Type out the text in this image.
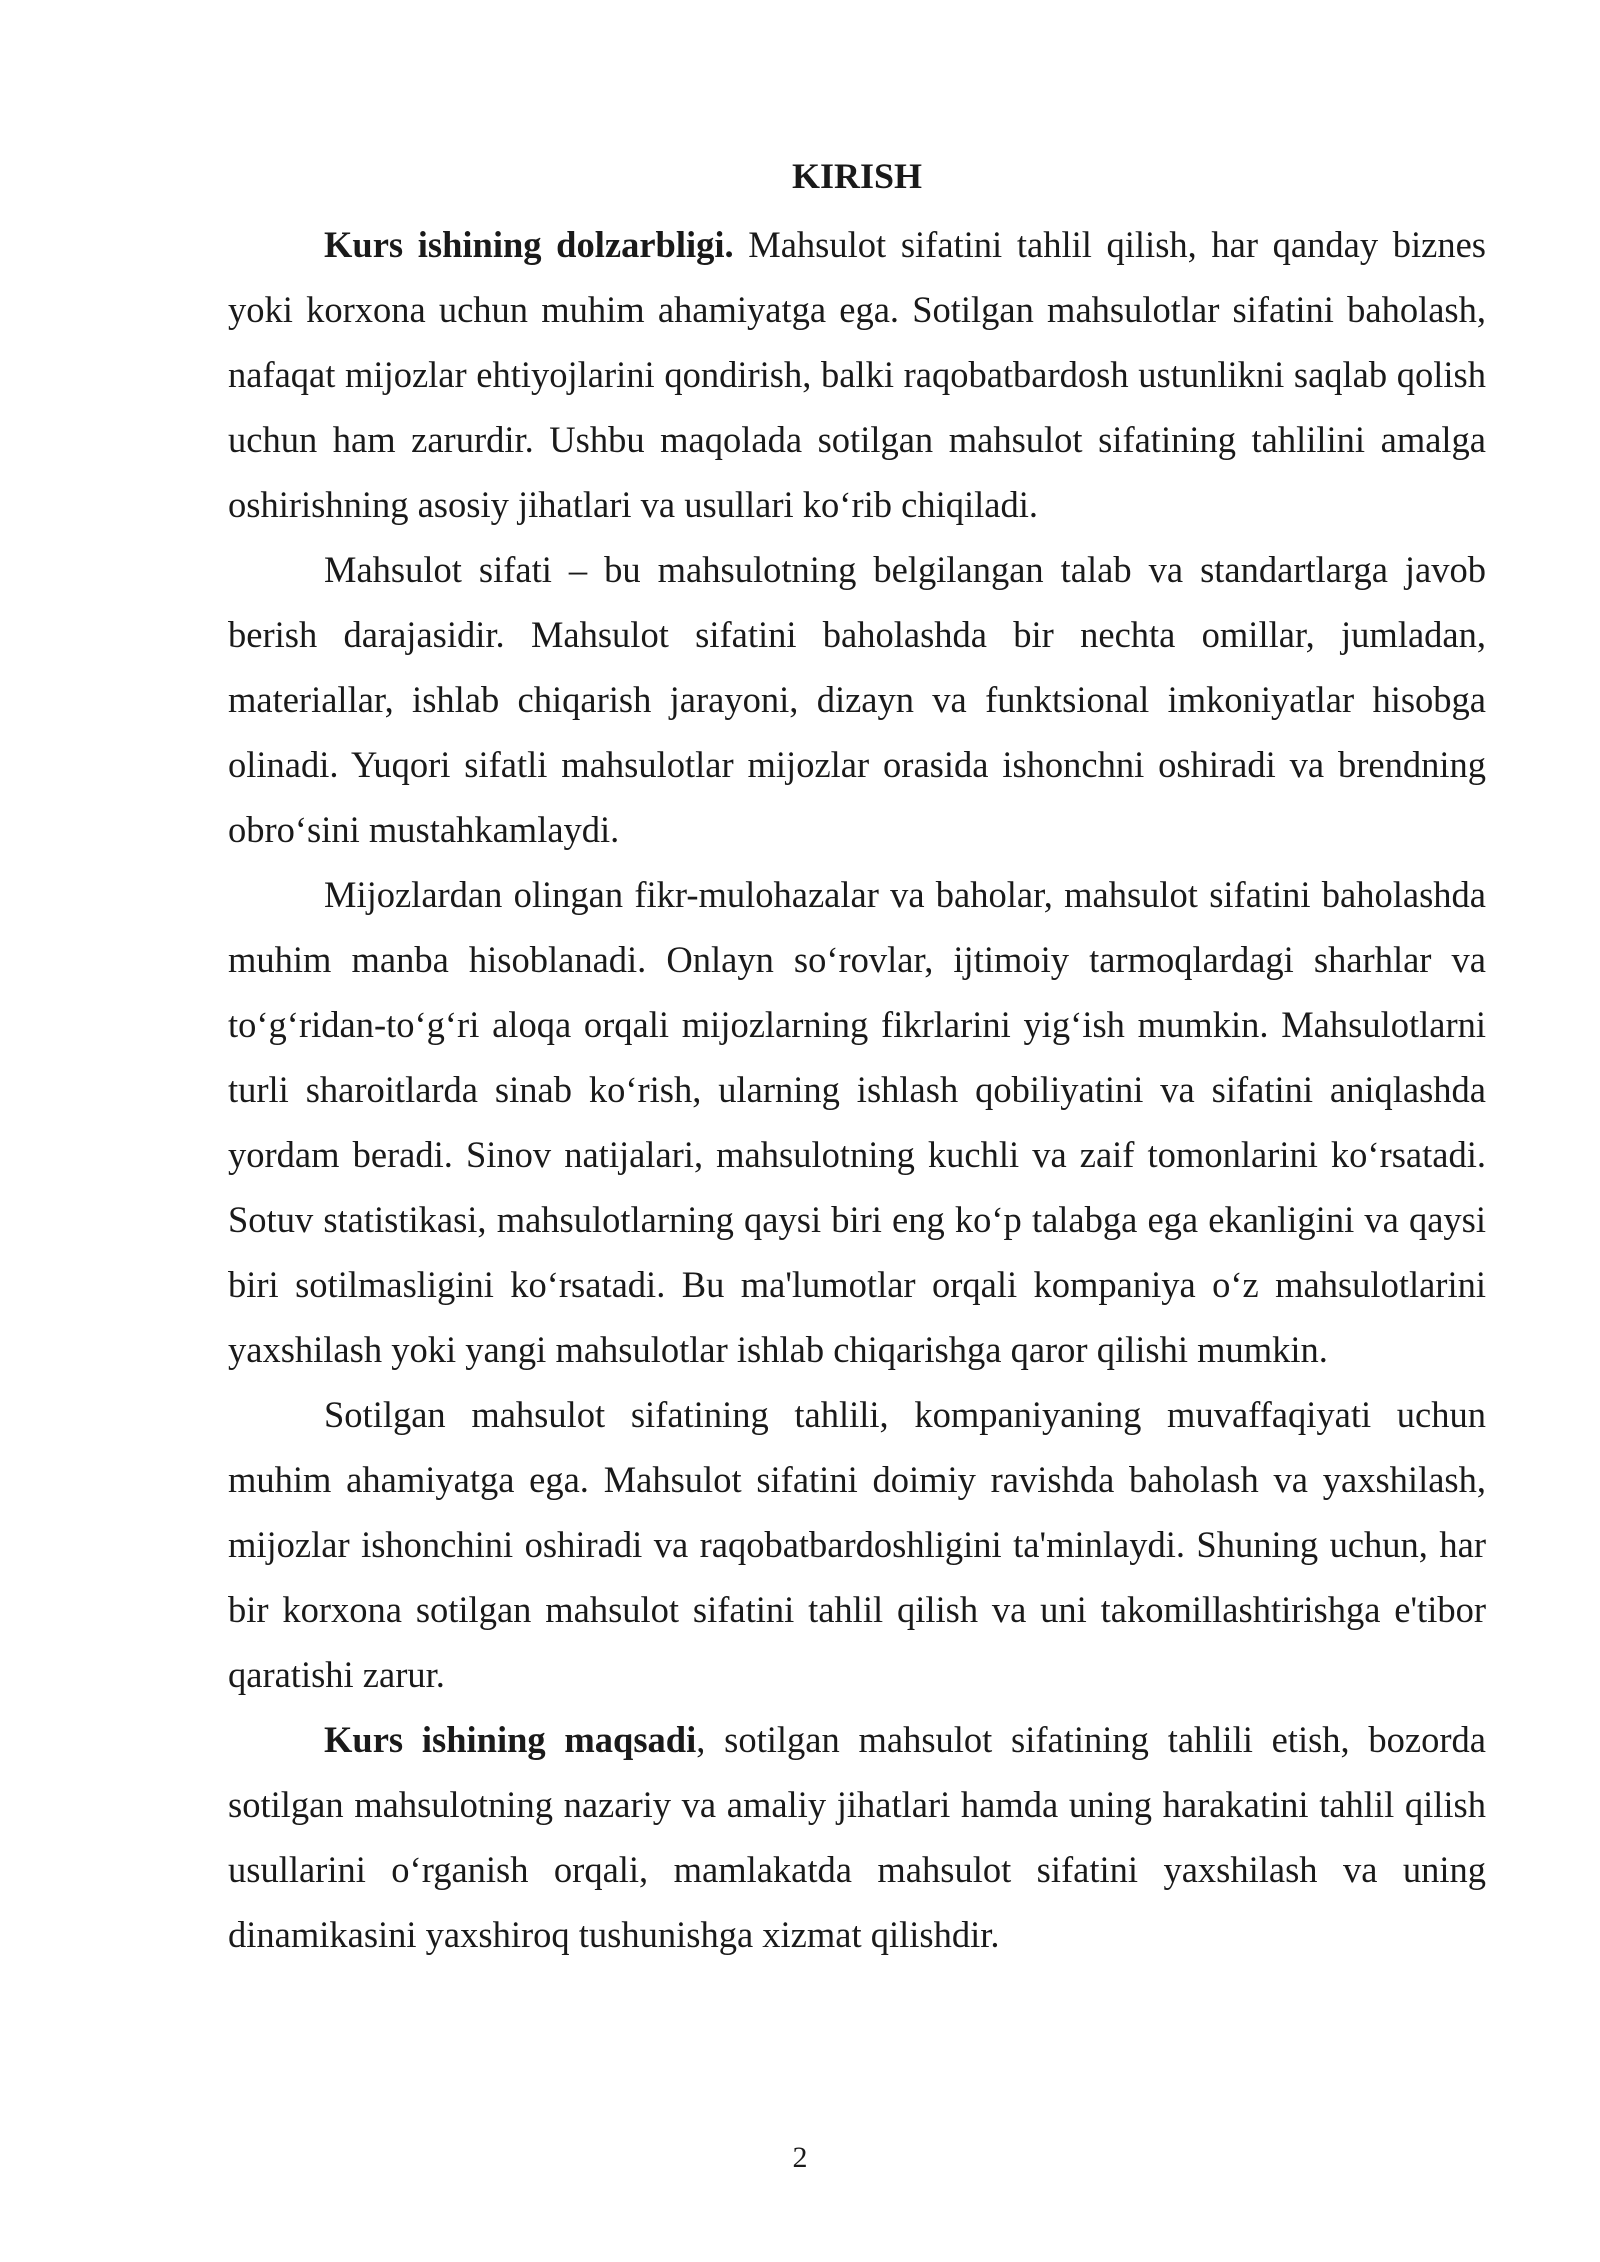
KIRISH

Kurs ishining dolzarbligi. Mahsulot sifatini tahlil qilish, har qanday biznes yoki korxona uchun muhim ahamiyatga ega. Sotilgan mahsulotlar sifatini baholash, nafaqat mijozlar ehtiyojlarini qondirish, balki raqobatbardosh ustunlikni saqlab qolish uchun ham zarurdir. Ushbu maqolada sotilgan mahsulot sifatining tahlilini amalga oshirishning asosiy jihatlari va usullari ko‘rib chiqiladi.

Mahsulot sifati – bu mahsulotning belgilangan talab va standartlarga javob berish darajasidir. Mahsulot sifatini baholashda bir nechta omillar, jumladan, materiallar, ishlab chiqarish jarayoni, dizayn va funktsional imkoniyatlar hisobga olinadi. Yuqori sifatli mahsulotlar mijozlar orasida ishonchni oshiradi va brendning obro‘sini mustahkamlaydi.

Mijozlardan olingan fikr-mulohazalar va baholar, mahsulot sifatini baholashda muhim manba hisoblanadi. Onlayn so‘rovlar, ijtimoiy tarmoqlardagi sharhlar va to‘g‘ridan-to‘g‘ri aloqa orqali mijozlarning fikrlarini yig‘ish mumkin. Mahsulotlarni turli sharoitlarda sinab ko‘rish, ularning ishlash qobiliyatini va sifatini aniqlashda yordam beradi. Sinov natijalari, mahsulotning kuchli va zaif tomonlarini ko‘rsatadi. Sotuv statistikasi, mahsulotlarning qaysi biri eng ko‘p talabga ega ekanligini va qaysi biri sotilmasligini ko‘rsatadi. Bu ma'lumotlar orqali kompaniya o‘z mahsulotlarini yaxshilash yoki yangi mahsulotlar ishlab chiqarishga qaror qilishi mumkin.

Sotilgan mahsulot sifatining tahlili, kompaniyaning muvaffaqiyati uchun muhim ahamiyatga ega. Mahsulot sifatini doimiy ravishda baholash va yaxshilash, mijozlar ishonchini oshiradi va raqobatbardoshligini ta'minlaydi. Shuning uchun, har bir korxona sotilgan mahsulot sifatini tahlil qilish va uni takomillashtirishga e'tibor qaratishi zarur.

Kurs ishining maqsadi, sotilgan mahsulot sifatining tahlili etish, bozorda sotilgan mahsulotning nazariy va amaliy jihatlari hamda uning harakatini tahlil qilish usullarini o‘rganish orqali, mamlakatda mahsulot sifatini yaxshilash va uning dinamikasini yaxshiroq tushunishga xizmat qilishdir.

2
